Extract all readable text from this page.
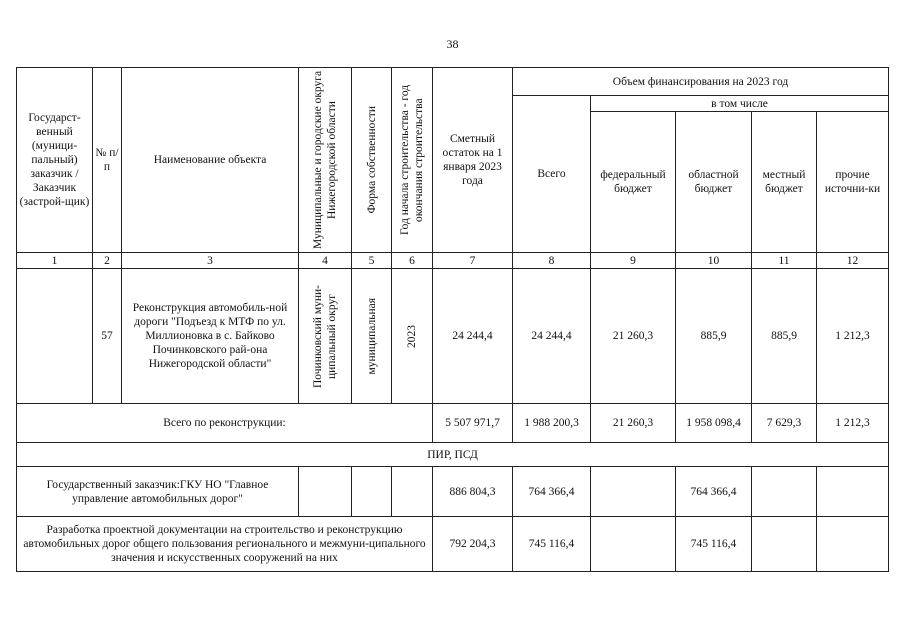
38
Государст-венный (муници-пальный) заказчик / Заказчик (застрой-щик)	№ п/п	Наименование объекта	Муниципальные и городские округа Нижегородской области	Форма собственности	Год начала строительства - год окончания строительства	Сметный остаток на 1 января 2023 года	Объем финансирования на 2023 год				
							Всего	в том числе			
								федеральный бюджет	областной бюджет	местный бюджет	прочие источни-ки
1	2	3	4	5	6	7	8	9	10	11	12
	57	Реконструкция автомобиль-ной дороги "Подъезд к МТФ по ул. Миллионовка в с. Байково Починковского рай-она Нижегородской области"	Починковский муни-ципальный округ	муниципальная	2023	24 244,4	24 244,4	21 260,3	885,9	885,9	1 212,3
Всего по реконструкции:						5 507 971,7	1 988 200,3	21 260,3	1 958 098,4	7 629,3	1 212,3
ПИР, ПСД											
Государственный заказчик:ГКУ НО "Главное управление автомобильных дорог"						886 804,3	764 366,4		764 366,4		
Разработка проектной документации на строительство и реконструкцию автомобильных дорог общего пользования регионального и межмуни-ципального значения и искусственных сооружений на них						792 204,3	745 116,4		745 116,4		
